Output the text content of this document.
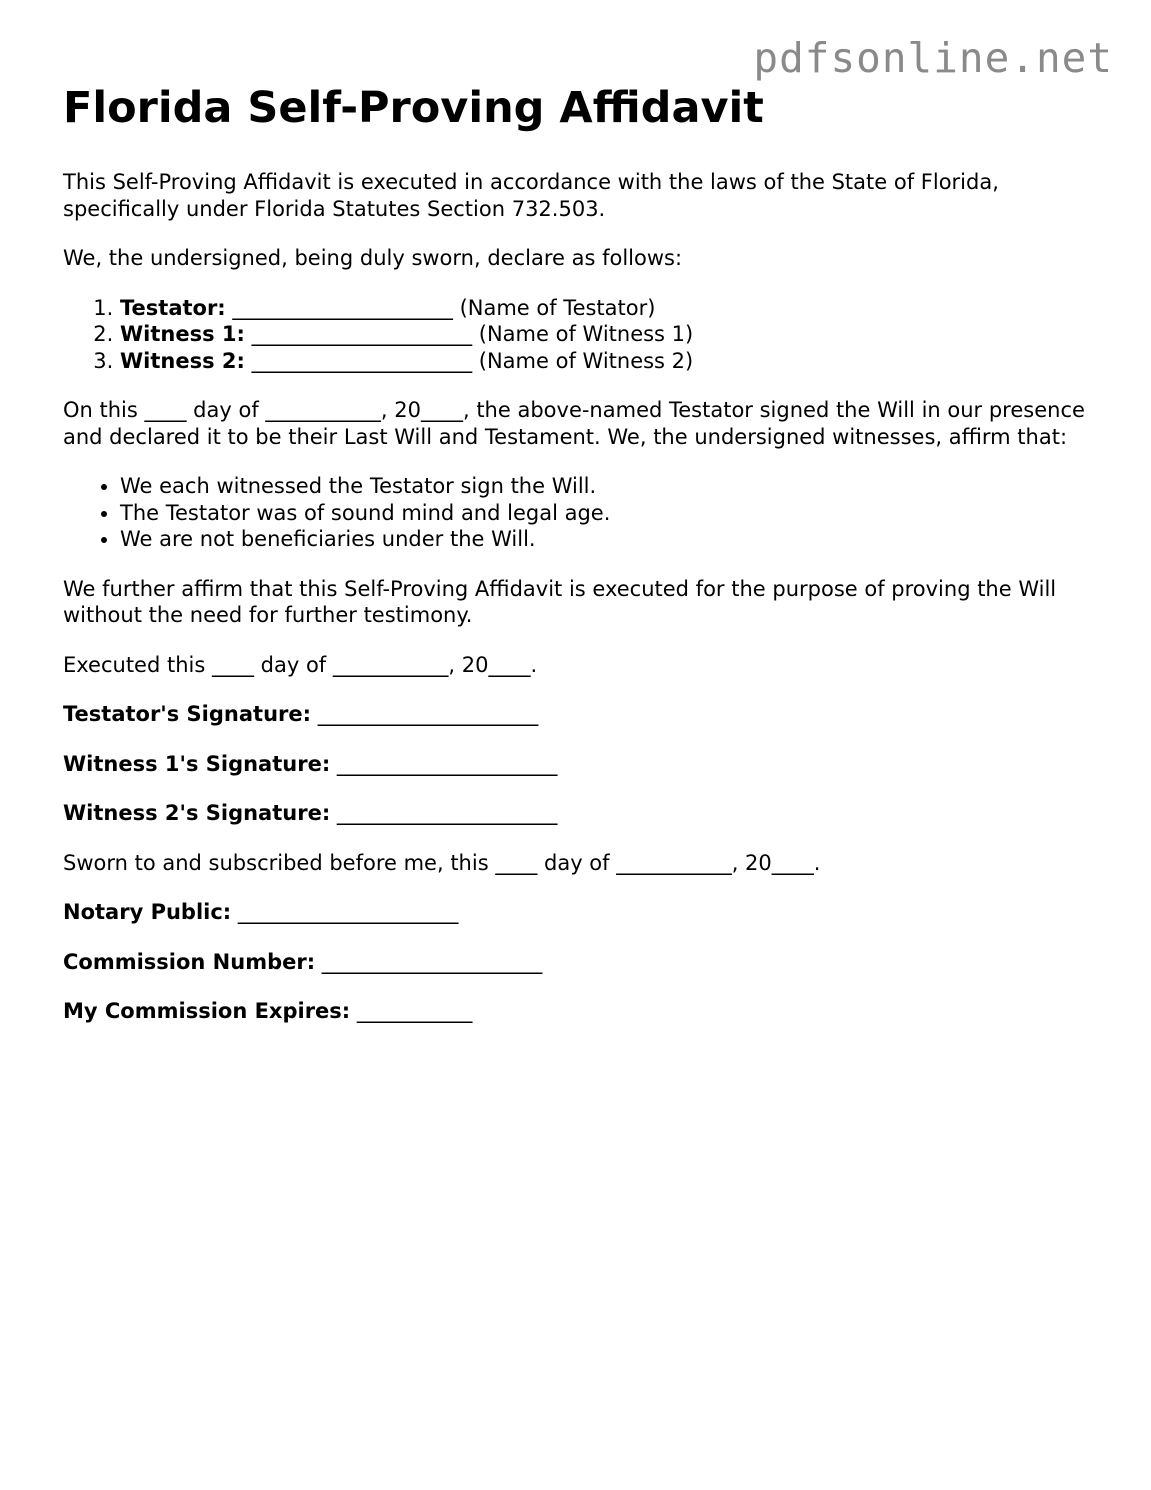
pdfsonline.net
Florida Self-Proving Affidavit

This Self-Proving Affidavit is executed in accordance with the laws of the State of Florida, specifically under Florida Statutes Section 732.503.

We, the undersigned, being duly sworn, declare as follows:

1. Testator: _____________________ (Name of Testator)
2. Witness 1: _____________________ (Name of Witness 1)
3. Witness 2: _____________________ (Name of Witness 2)

On this ____ day of ___________, 20____, the above-named Testator signed the Will in our presence and declared it to be their Last Will and Testament. We, the undersigned witnesses, affirm that:

• We each witnessed the Testator sign the Will.
• The Testator was of sound mind and legal age.
• We are not beneficiaries under the Will.

We further affirm that this Self-Proving Affidavit is executed for the purpose of proving the Will without the need for further testimony.

Executed this ____ day of ___________, 20____.

Testator's Signature: _____________________

Witness 1's Signature: _____________________

Witness 2's Signature: _____________________

Sworn to and subscribed before me, this ____ day of ___________, 20____.

Notary Public: _____________________

Commission Number: _____________________

My Commission Expires: ___________
